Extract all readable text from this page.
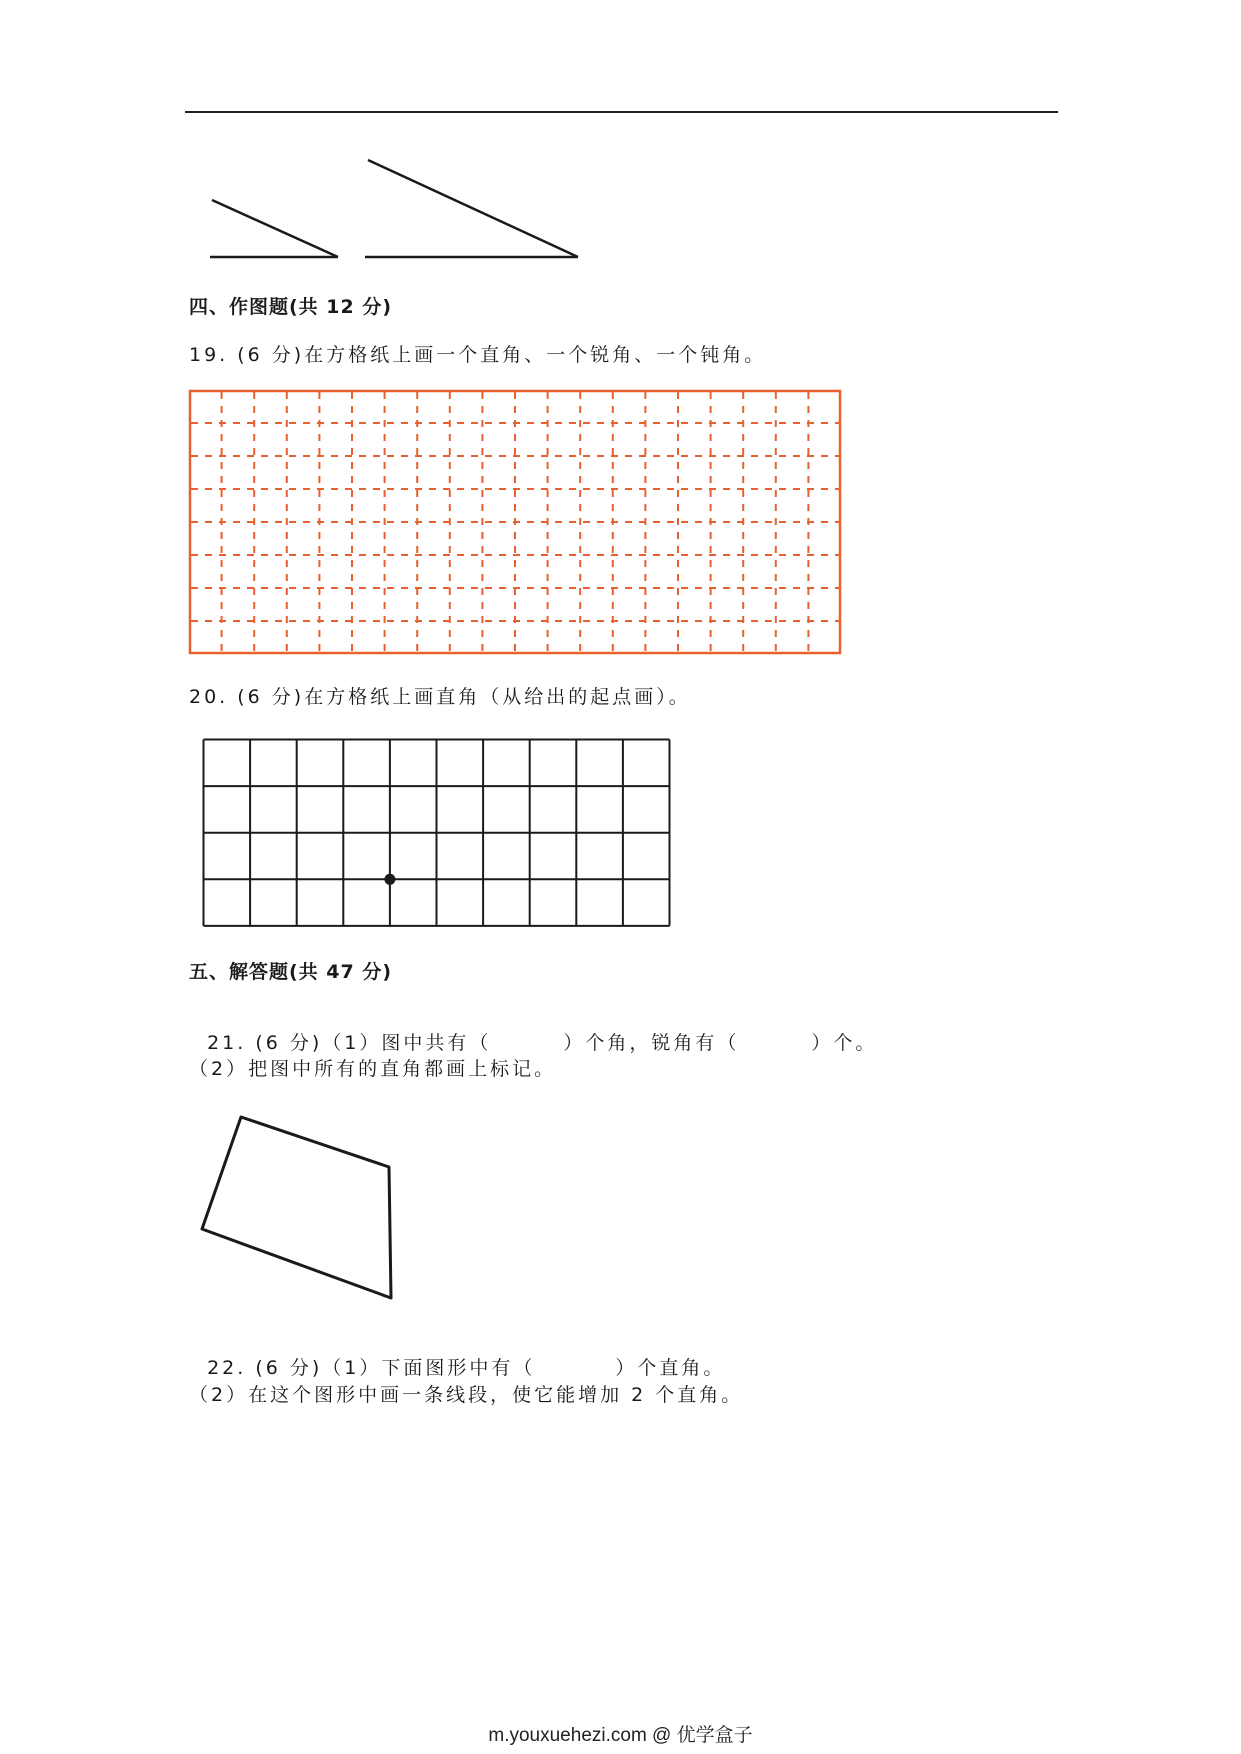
四、作图题(共 12 分)
19. (6 分)在方格纸上画一个直角、一个锐角、一个钝角。
20. (6 分)在方格纸上画直角（从给出的起点画）。
五、解答题(共 47 分)

21. (6 分)（1）图中共有（	）个角，锐角有（	）个。

（2）把图中所有的直角都画上标记。

22. (6 分)（1）下面图形中有（	）个直角。

（2）在这个图形中画一条线段，使它能增加 2 个直角。
m.youxuehezi.com @ 优学盒子
